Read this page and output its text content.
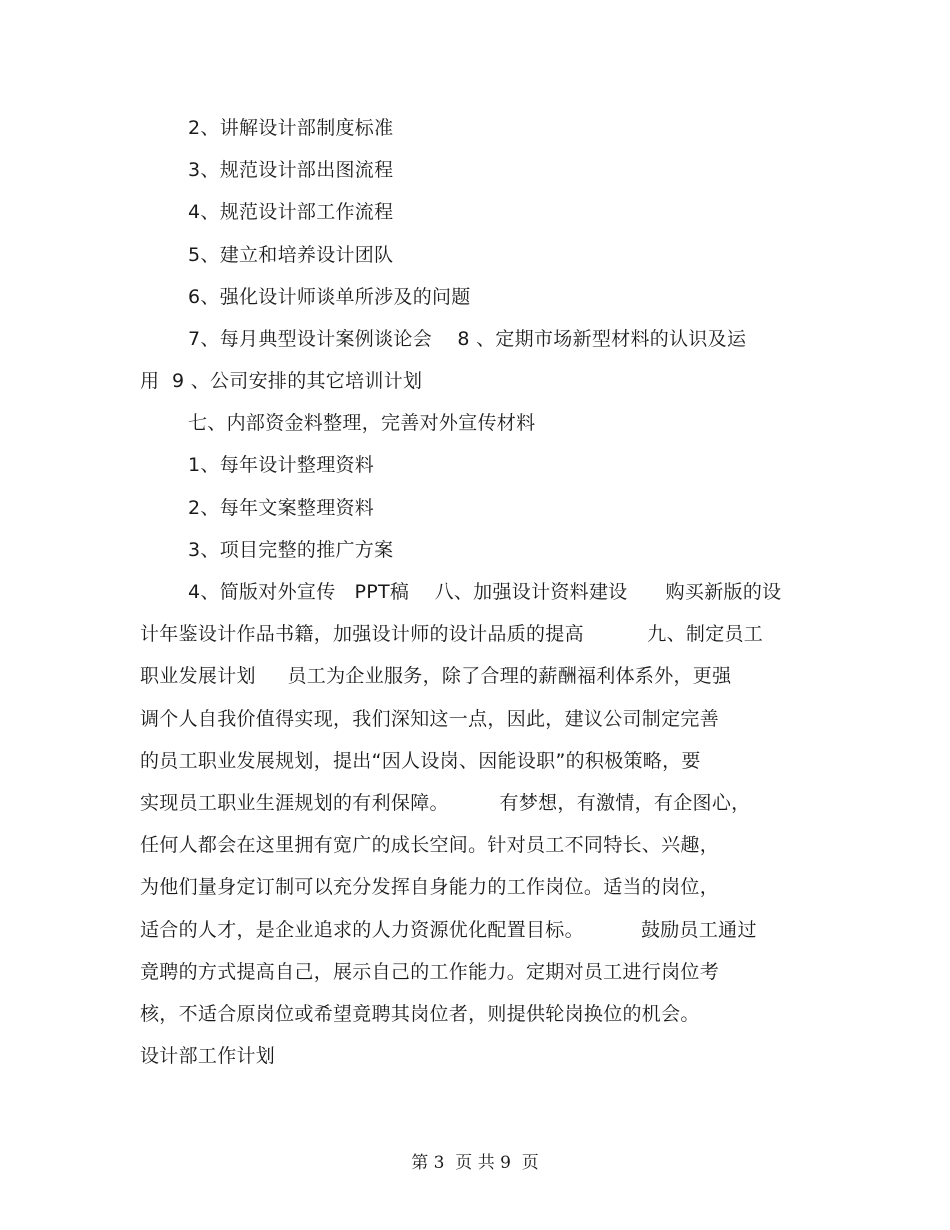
2、讲解设计部制度标准
3、规范设计部出图流程
4、规范设计部工作流程
5、建立和培养设计团队
6、强化设计师谈单所涉及的问题
7、每月典型设计案例谈论会    8 、定期市场新型材料的认识及运
用  9 、公司安排的其它培训计划
七、内部资金料整理，完善对外宣传材料
1、每年设计整理资料
2、每年文案整理资料
3、项目完整的推广方案
4、简版对外宣传   PPT稿    八、加强设计资料建设      购买新版的设
计年鉴设计作品书籍，加强设计师的设计品质的提高          九、制定员工
职业发展计划     员工为企业服务，除了合理的薪酬福利体系外，更强
调个人自我价值得实现，我们深知这一点，因此，建议公司制定完善
的员工职业发展规划，提出“因人设岗、因能设职”的积极策略，要
实现员工职业生涯规划的有利保障。        有梦想，有激情，有企图心，
任何人都会在这里拥有宽广的成长空间。针对员工不同特长、兴趣，
为他们量身定订制可以充分发挥自身能力的工作岗位。适当的岗位，
适合的人才，是企业追求的人力资源优化配置目标。         鼓励员工通过
竟聘的方式提高自己，展示自己的工作能力。定期对员工进行岗位考
核，不适合原岗位或希望竟聘其岗位者，则提供轮岗换位的机会。
设计部工作计划
第 3  页 共 9  页
